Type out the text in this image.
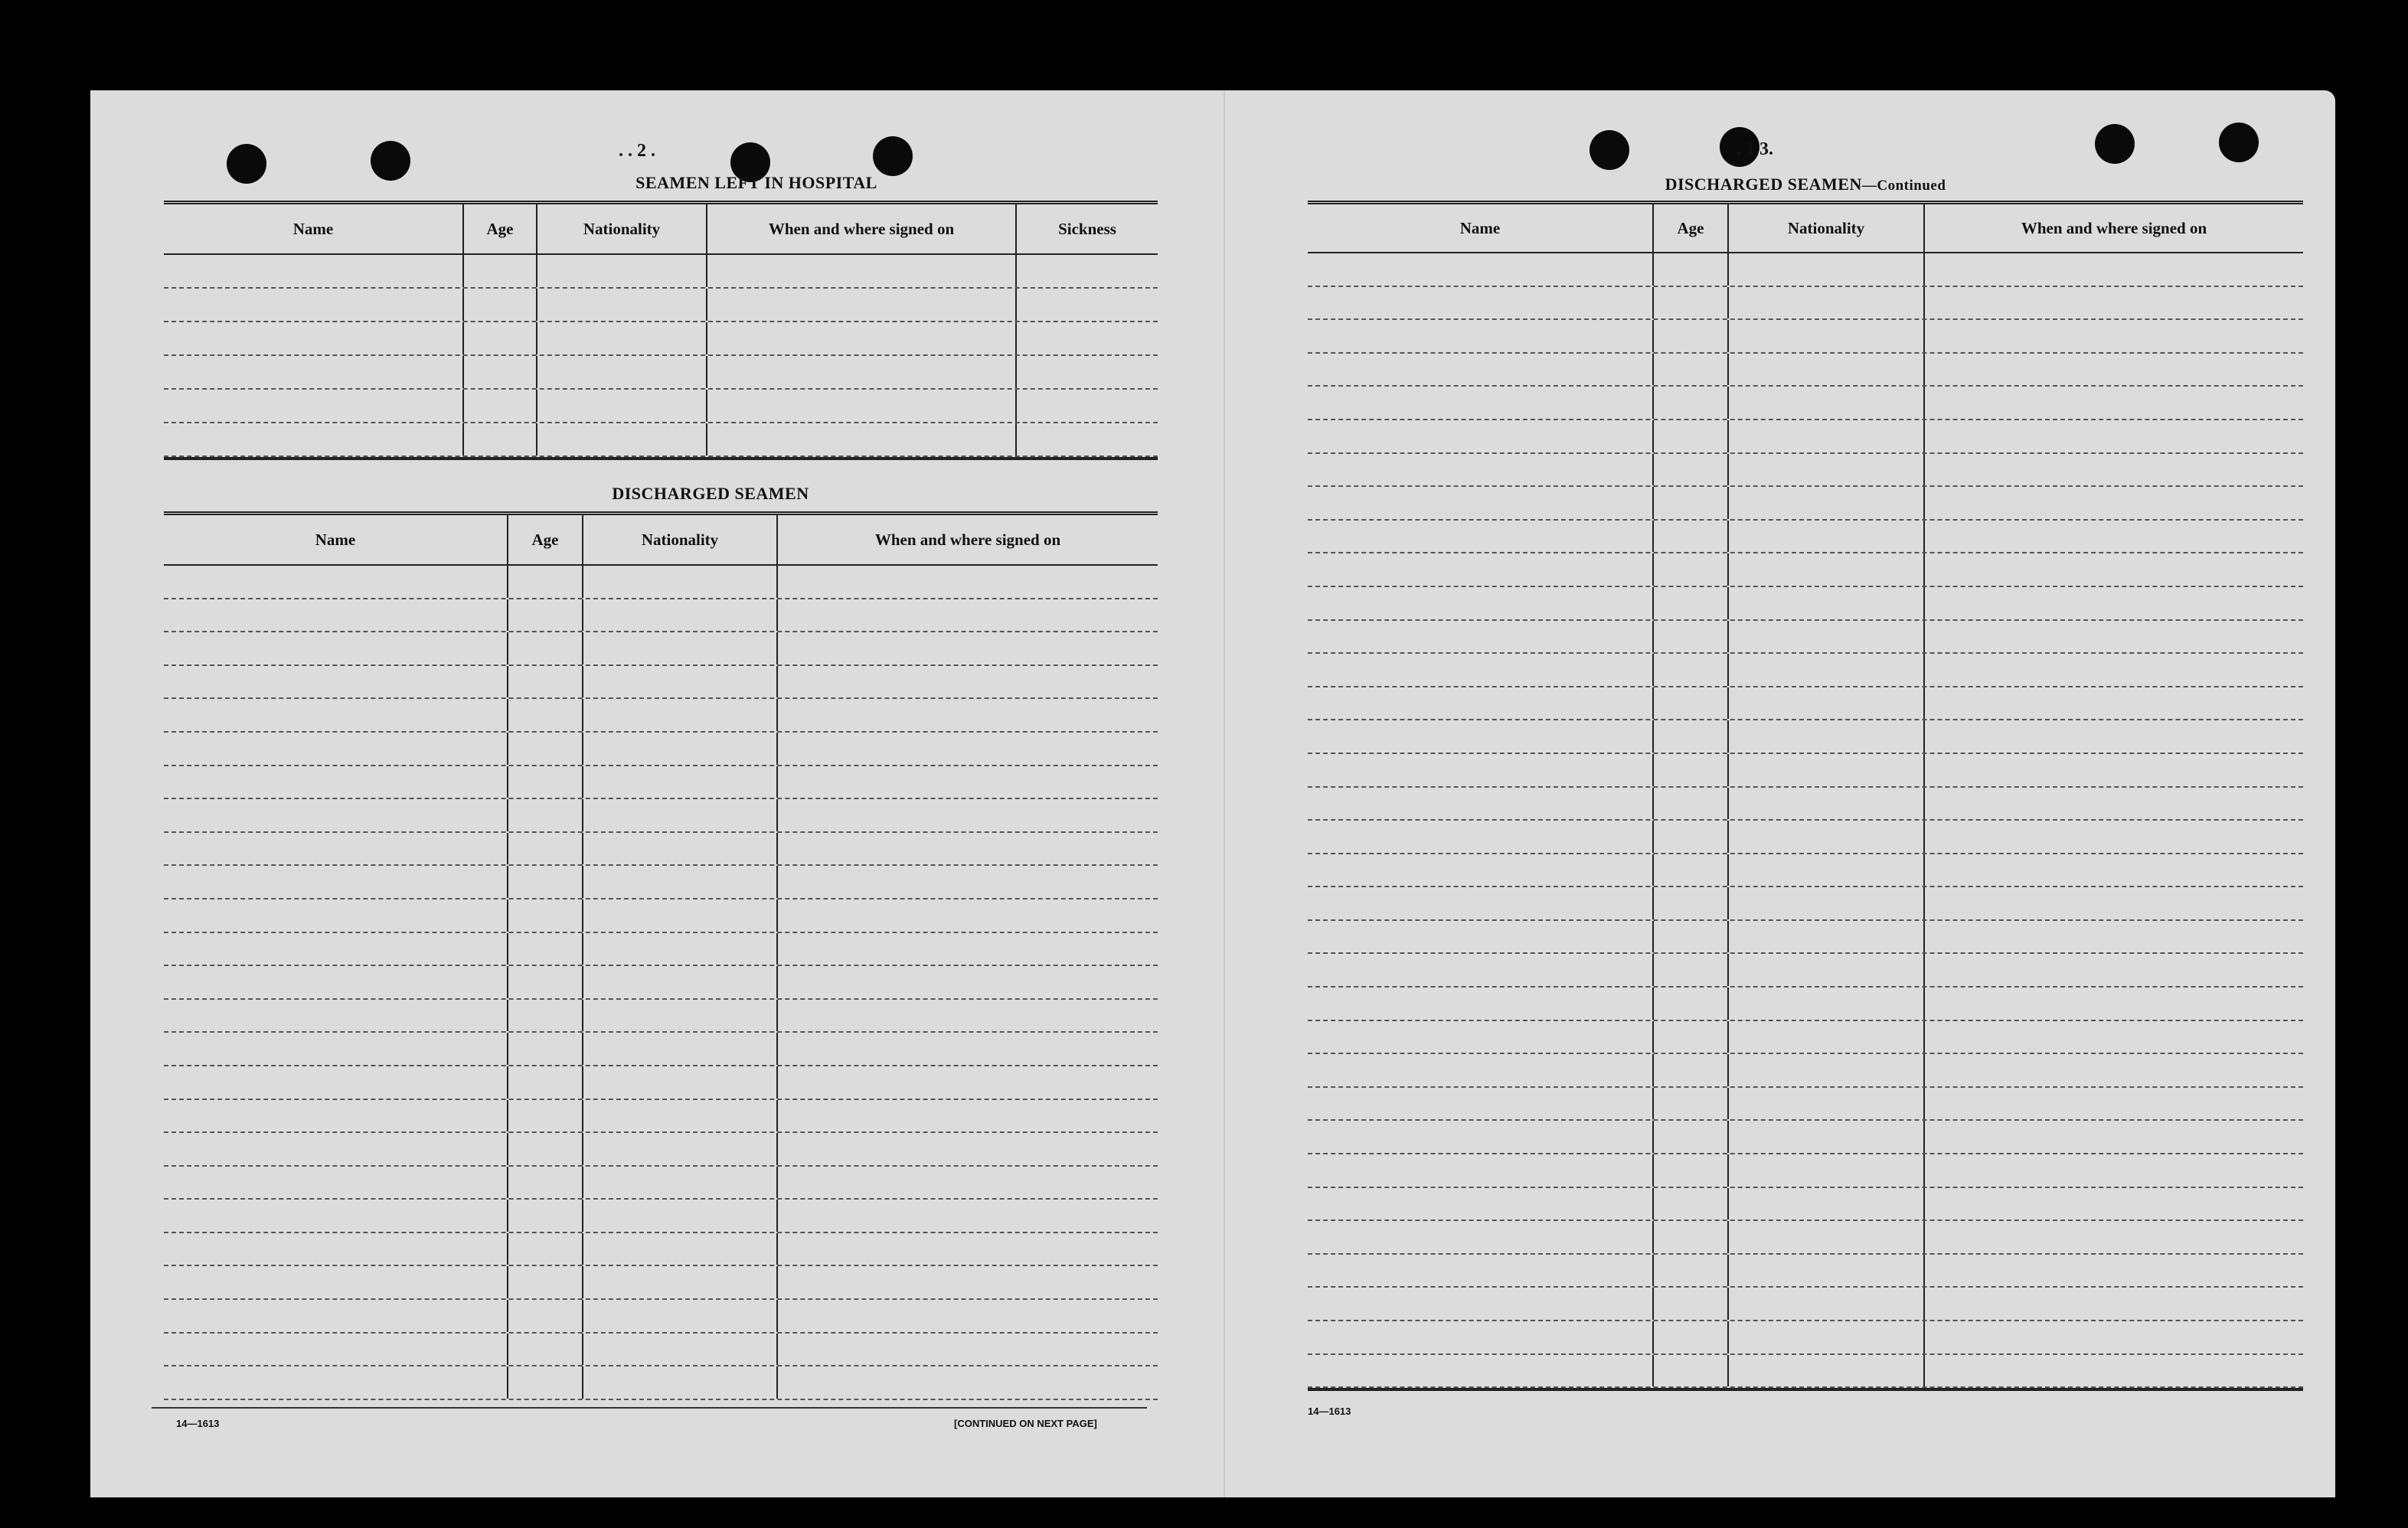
. . 2 .
SEAMEN LEFT IN HOSPITAL
Name	Age	Nationality	When and where signed on	Sickness
DISCHARGED SEAMEN
Name	Age	Nationality	When and where signed on
14—1613	[CONTINUED ON NEXT PAGE]
. 1 3.
DISCHARGED SEAMEN—Continued
Name	Age	Nationality	When and where signed on
14—1613
